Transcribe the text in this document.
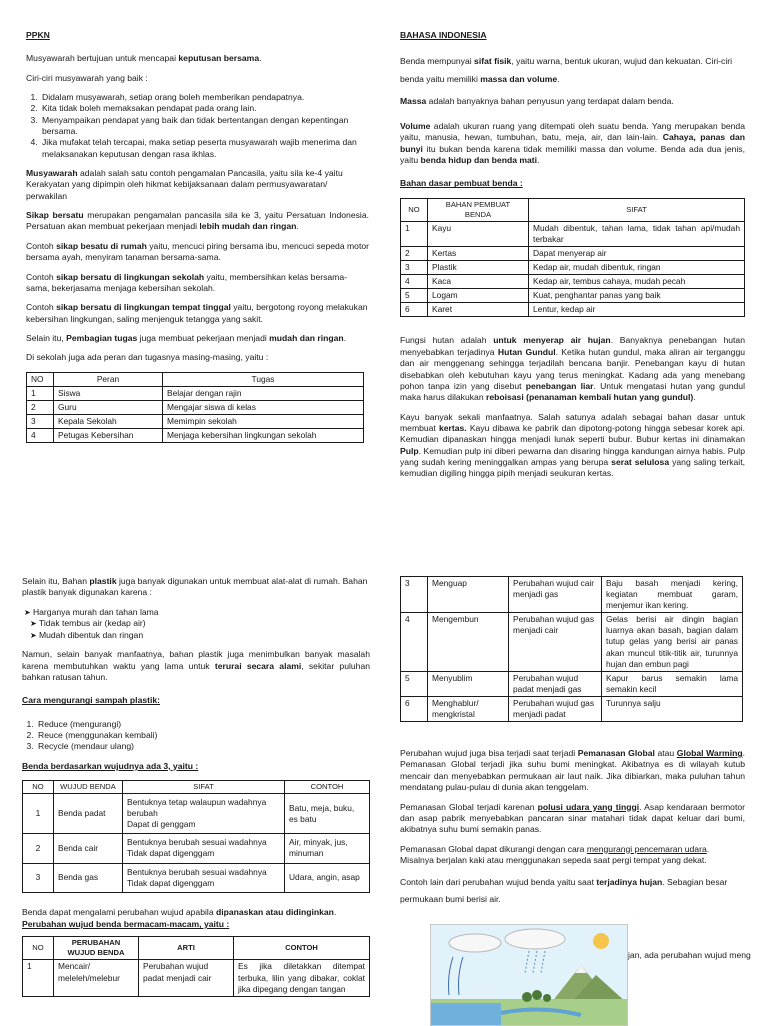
PPKN

Musyawarah bertujuan untuk mencapai keputusan bersama.

Ciri-ciri musyawarah yang baik :

1. Didalam musyawarah, setiap orang boleh memberikan pendapatnya.
2. Kita tidak boleh memaksakan pendapat pada orang lain.
3. Menyampaikan pendapat yang baik dan tidak bertentangan dengan kepentingan bersama.
4. Jika mufakat telah tercapai, maka setiap peserta musyawarah wajib menerima dan melaksanakan keputusan dengan rasa ikhlas.

Musyawarah adalah salah satu contoh pengamalan Pancasila, yaitu sila ke-4 yaitu Kerakyatan yang dipimpin oleh hikmat kebijaksanaan dalam permusyawaratan/ perwakilan

Sikap bersatu merupakan pengamalan pancasila sila ke 3, yaitu Persatuan Indonesia. Persatuan akan membuat pekerjaan menjadi lebih mudah dan ringan.

Contoh sikap besatu di rumah yaitu, mencuci piring bersama ibu, mencuci sepeda motor bersama ayah, menyiram tanaman bersama-sama.

Contoh sikap bersatu di lingkungan sekolah yaitu, membersihkan kelas bersama-sama, bekerjasama menjaga kebersihan sekolah.

Contoh sikap bersatu di lingkungan tempat tinggal yaitu, bergotong royong melakukan kebersihan lingkungan, saling menjenguk tetangga yang sakit.

Selain itu, Pembagian tugas juga membuat pekerjaan menjadi mudah dan ringan.

Di sekolah juga ada peran dan tugasnya masing-masing, yaitu :

NO	Peran	Tugas
1	Siswa	Belajar dengan rajin
2	Guru	Mengajar siswa di kelas
3	Kepala Sekolah	Memimpin sekolah
4	Petugas Kebersihan	Menjaga kebersihan lingkungan sekolah
BAHASA INDONESIA

Benda mempunyai sifat fisik, yaitu warna, bentuk ukuran, wujud dan kekuatan. Ciri-ciri benda yaitu memiliki massa dan volume.

Massa adalah banyaknya bahan penyusun yang terdapat dalam benda.

Volume adalah ukuran ruang yang ditempati oleh suatu benda. Yang merupakan benda yaitu, manusia, hewan, tumbuhan, batu, meja, air, dan lain-lain. Cahaya, panas dan bunyi itu bukan benda karena tidak memiliki massa dan volume. Benda ada dua jenis, yaitu benda hidup dan benda mati.

Bahan dasar pembuat benda :

NO	BAHAN PEMBUAT BENDA	SIFAT
1	Kayu	Mudah dibentuk, tahan lama, tidak tahan api/mudah terbakar
2	Kertas	Dapat menyerap air
3	Plastik	Kedap air, mudah dibentuk, ringan
4	Kaca	Kedap air, tembus cahaya, mudah pecah
5	Logam	Kuat, penghantar panas yang baik
6	Karet	Lentur, kedap air

Fungsi hutan adalah untuk menyerap air hujan. Banyaknya penebangan hutan menyebabkan terjadinya Hutan Gundul. Ketika hutan gundul, maka aliran air terganggu dan air menggenang sehingga terjadilah bencana banjir. Penebangan kayu di hutan disebabkan oleh kebutuhan kayu yang terus meningkat. Kadang ada yang menebang pohon tanpa izin yang disebut penebangan liar. Untuk mengatasi hutan yang gundul maka harus dilakukan reboisasi (penanaman kembali hutan yang gundul).

Kayu banyak sekali manfaatnya. Salah satunya adalah sebagai bahan dasar untuk membuat kertas. Kayu dibawa ke pabrik dan dipotong-potong hingga sebesar korek api. Kemudian dipanaskan hingga menjadi lunak seperti bubur. Bubur kertas ini dinamakan Pulp. Kemudian pulp ini diberi pewarna dan disaring hingga kandungan airnya habis. Pulp yang sudah kering meninggalkan ampas yang berupa serat selulosa yang saling terkait, kemudian digiling hingga pipih menjadi seukuran kertas.

Selain itu, Bahan plastik juga banyak digunakan untuk membuat alat-alat di rumah. Bahan plastik banyak digunakan karena :

➤ Harganya murah dan tahan lama
➤ Tidak tembus air (kedap air)
➤ Mudah dibentuk dan ringan

Namun, selain banyak manfaatnya, bahan plastik juga menimbulkan banyak masalah karena membutuhkan waktu yang lama untuk terurai secara alami, sekitar puluhan bahkan ratusan tahun.

Cara mengurangi sampah plastik:

1. Reduce (mengurangi)
2. Reuce (menggunakan kembali)
3. Recycle (mendaur ulang)

Benda berdasarkan wujudnya ada 3, yaitu :

NO	WUJUD BENDA	SIFAT	CONTOH
1	Benda padat	Bentuknya tetap walaupun wadahnya berubah
Dapat di genggam	Batu, meja, buku, es batu
2	Benda cair	Bentuknya berubah sesuai wadahnya
Tidak dapat digenggam	Air, minyak, jus, minuman
3	Benda gas	Bentuknya berubah sesuai wadahnya
Tidak dapat digenggam	Udara, angin, asap

Benda dapat mengalami perubahan wujud apabila dipanaskan atau didinginkan.

Perubahan wujud benda bermacam-macam, yaitu :

NO	PERUBAHAN WUJUD BENDA	ARTI	CONTOH
1	Mencair/ meleleh/melebur	Perubahan wujud padat menjadi cair	Es jika diletakkan ditempat terbuka, lilin yang dibakar, coklat jika dipegang dengan tangan
3	Menguap	Perubahan wujud cair menjadi gas	Baju basah menjadi kering, kegiatan membuat garam, menjemur ikan kering.
4	Mengembun	Perubahan wujud gas menjadi cair	Gelas berisi air dingin bagian luarnya akan basah, bagian dalam tutup gelas yang berisi air panas akan muncul titik-titik air, turunnya hujan dan embun pagi
5	Menyublim	Perubahan wujud padat menjadi gas	Kapur barus semakin lama semakin kecil
6	Menghablur/ mengkristal	Perubahan wujud gas menjadi padat	Turunnya salju

Perubahan wujud juga bisa terjadi saat terjadi Pemanasan Global atau Global Warming. Pemanasan Global terjadi jika suhu bumi meningkat. Akibatnya es di wilayah kutub mencair dan menyebabkan permukaan air laut naik. Jika dibiarkan, maka puluhan tahun mendatang pulau-pulau di dunia akan tenggelam.

Pemanasan Global terjadi karenan polusi udara yang tinggi. Asap kendaraan bermotor dan asap pabrik menyebabkan pancaran sinar matahari tidak dapat keluar dari bumi, akibatnya suhu bumi semakin panas.

Pemanasan Global dapat dikurangi dengan cara mengurangi pencemaran udara. Misalnya berjalan kaki atau menggunakan sepeda saat pergi tempat yang dekat.

Contoh lain dari perubahan wujud benda yaitu saat terjadinya hujan. Sebagian besar permukaan bumi berisi air.

jan, ada perubahan wujud meng
